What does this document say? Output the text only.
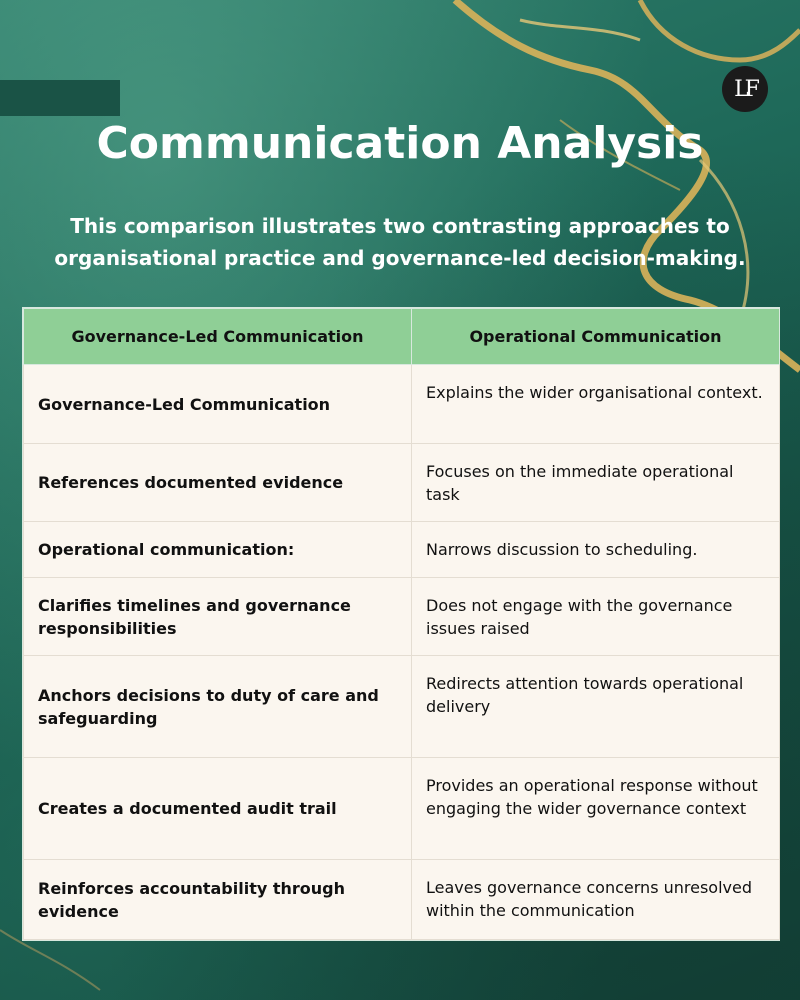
LF
Communication Analysis

This comparison illustrates two contrasting approaches to organisational practice and governance-led decision-making.

Governance-Led Communication	Operational Communication
Governance-Led Communication	Explains the wider organisational context.
References documented evidence	Focuses on the immediate operational task
Operational communication:	Narrows discussion to scheduling.
Clarifies timelines and governance responsibilities	Does not engage with the governance issues raised
Anchors decisions to duty of care and safeguarding	Redirects attention towards operational delivery
Creates a documented audit trail	Provides an operational response without engaging the wider governance context
Reinforces accountability through evidence	Leaves governance concerns unresolved within the communication
